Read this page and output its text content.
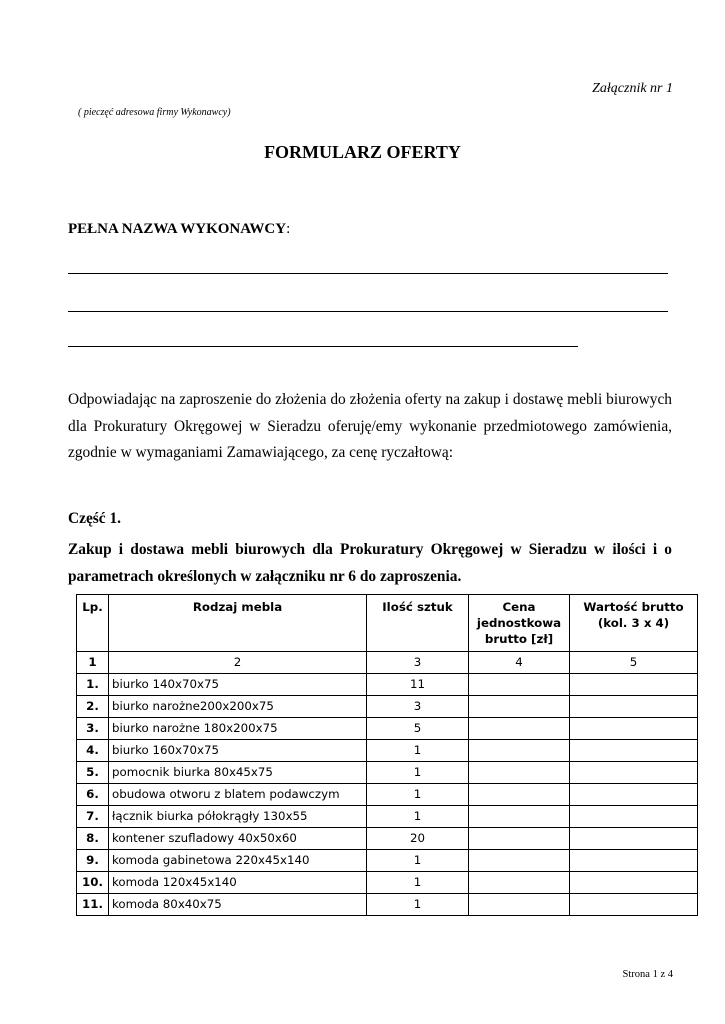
Załącznik nr 1
( pieczęć adresowa firmy Wykonawcy)
FORMULARZ OFERTY
PEŁNA NAZWA WYKONAWCY:
Odpowiadając na zaproszenie do złożenia do złożenia oferty na zakup i dostawę mebli biurowych dla Prokuratury Okręgowej w Sieradzu oferuję/emy wykonanie przedmiotowego zamówienia, zgodnie w wymaganiami Zamawiającego, za cenę ryczałtową:
Część 1.
Zakup i dostawa mebli biurowych dla Prokuratury Okręgowej w Sieradzu w ilości i o parametrach określonych w załączniku nr 6 do zaproszenia.
Lp.	Rodzaj mebla	Ilość sztuk	Cena jednostkowa brutto [zł]	Wartość brutto (kol. 3 x 4)
1	2	3	4	5
1.	biurko 140x70x75	11		
2.	biurko narożne200x200x75	3		
3.	biurko narożne 180x200x75	5		
4.	biurko 160x70x75	1		
5.	pomocnik biurka 80x45x75	1		
6.	obudowa otworu z blatem podawczym	1		
7.	łącznik biurka półokrągły 130x55	1		
8.	kontener szufladowy 40x50x60	20		
9.	komoda gabinetowa 220x45x140	1		
10.	komoda 120x45x140	1		
11.	komoda 80x40x75	1		
Strona 1 z 4
